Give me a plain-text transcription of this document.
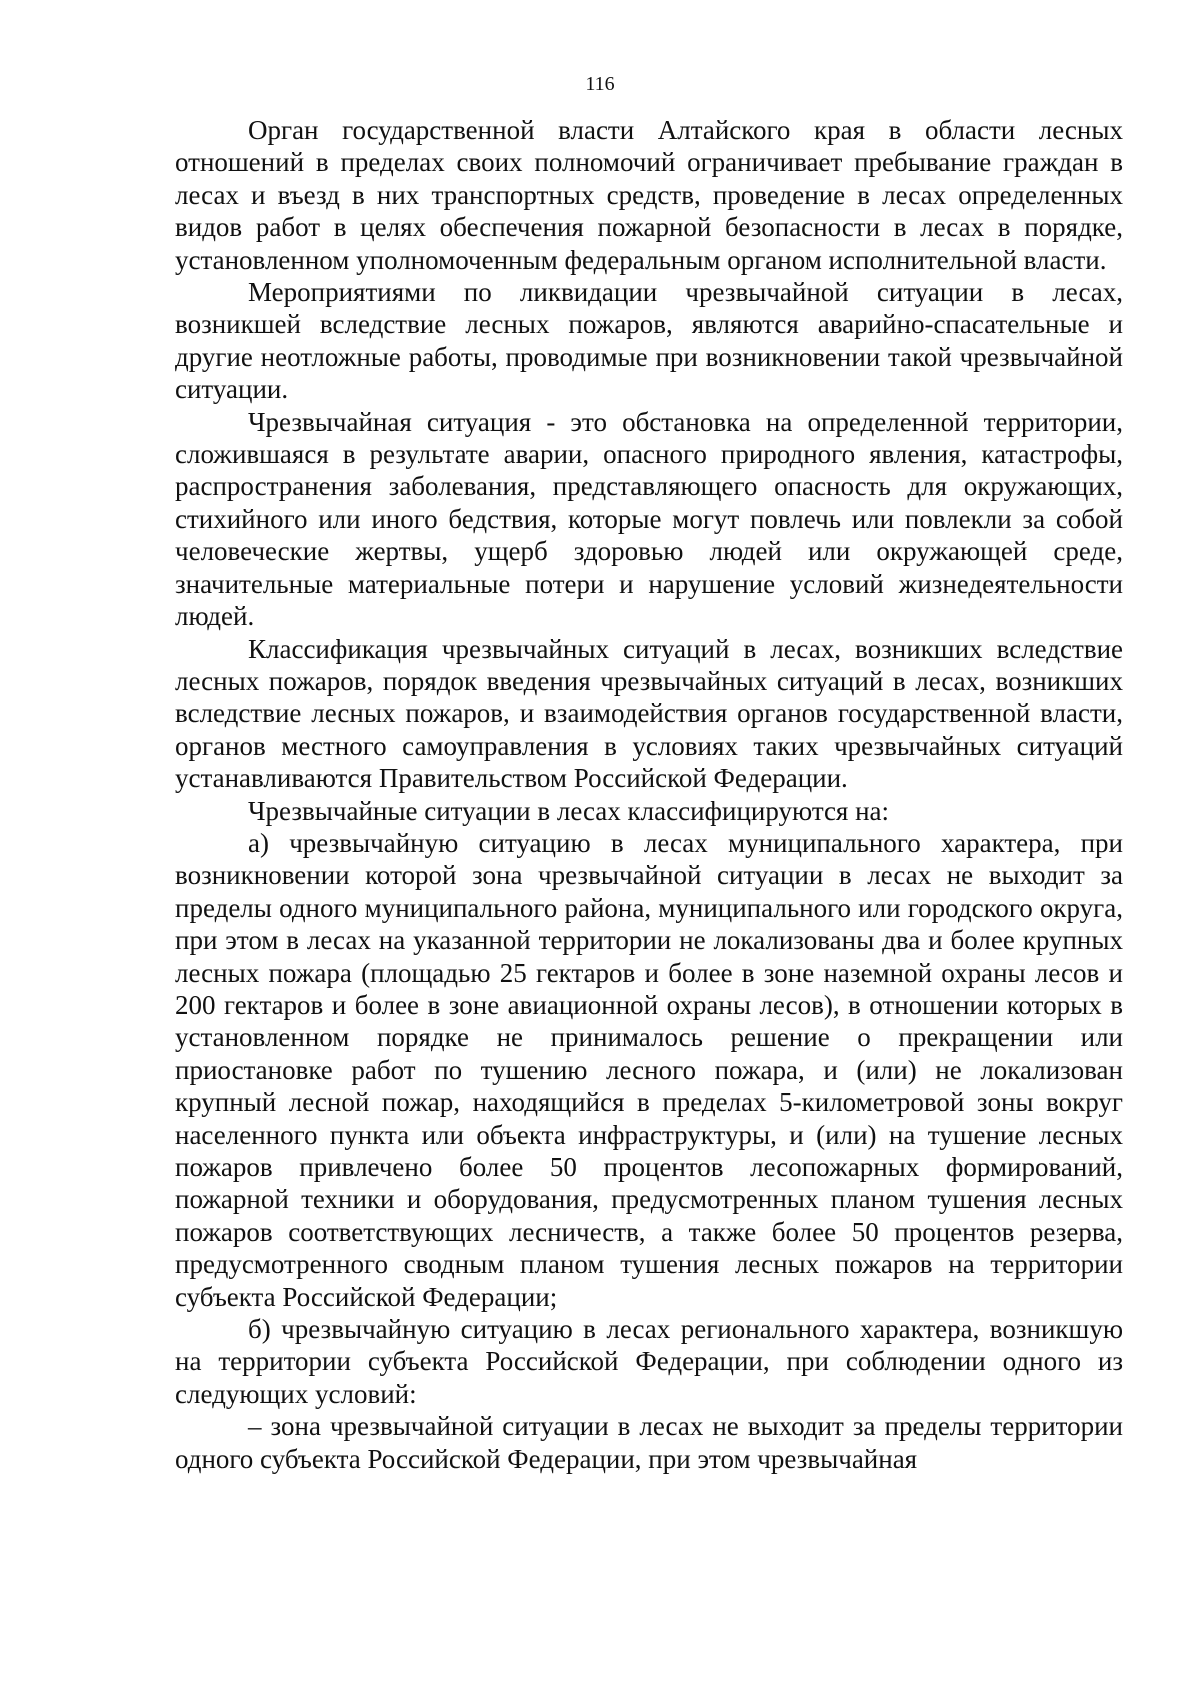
116

Орган государственной власти Алтайского края в области лесных отношений в пределах своих полномочий ограничивает пребывание граждан в лесах и въезд в них транспортных средств, проведение в лесах определенных видов работ в целях обеспечения пожарной безопасности в лесах в порядке, установленном уполномоченным федеральным органом исполнительной власти.

Мероприятиями по ликвидации чрезвычайной ситуации в лесах, возникшей вследствие лесных пожаров, являются аварийно-спасательные и другие неотложные работы, проводимые при возникновении такой чрезвычайной ситуации.

Чрезвычайная ситуация - это обстановка на определенной территории, сложившаяся в результате аварии, опасного природного явления, катастрофы, распространения заболевания, представляющего опасность для окружающих, стихийного или иного бедствия, которые могут повлечь или повлекли за собой человеческие жертвы, ущерб здоровью людей или окружающей среде, значительные материальные потери и нарушение условий жизнедеятельности людей.

Классификация чрезвычайных ситуаций в лесах, возникших вследствие лесных пожаров, порядок введения чрезвычайных ситуаций в лесах, возникших вследствие лесных пожаров, и взаимодействия органов государственной власти, органов местного самоуправления в условиях таких чрезвычайных ситуаций устанавливаются Правительством Российской Федерации.

Чрезвычайные ситуации в лесах классифицируются на:

а) чрезвычайную ситуацию в лесах муниципального характера, при возникновении которой зона чрезвычайной ситуации в лесах не выходит за пределы одного муниципального района, муниципального или городского округа, при этом в лесах на указанной территории не локализованы два и более крупных лесных пожара (площадью 25 гектаров и более в зоне наземной охраны лесов и 200 гектаров и более в зоне авиационной охраны лесов), в отношении которых в установленном порядке не принималось решение о прекращении или приостановке работ по тушению лесного пожара, и (или) не локализован крупный лесной пожар, находящийся в пределах 5-километровой зоны вокруг населенного пункта или объекта инфраструктуры, и (или) на тушение лесных пожаров привлечено более 50 процентов лесопожарных формирований, пожарной техники и оборудования, предусмотренных планом тушения лесных пожаров соответствующих лесничеств, а также более 50 процентов резерва, предусмотренного сводным планом тушения лесных пожаров на территории субъекта Российской Федерации;

б) чрезвычайную ситуацию в лесах регионального характера, возникшую на территории субъекта Российской Федерации, при соблюдении одного из следующих условий:

– зона чрезвычайной ситуации в лесах не выходит за пределы территории одного субъекта Российской Федерации, при этом чрезвычайная
